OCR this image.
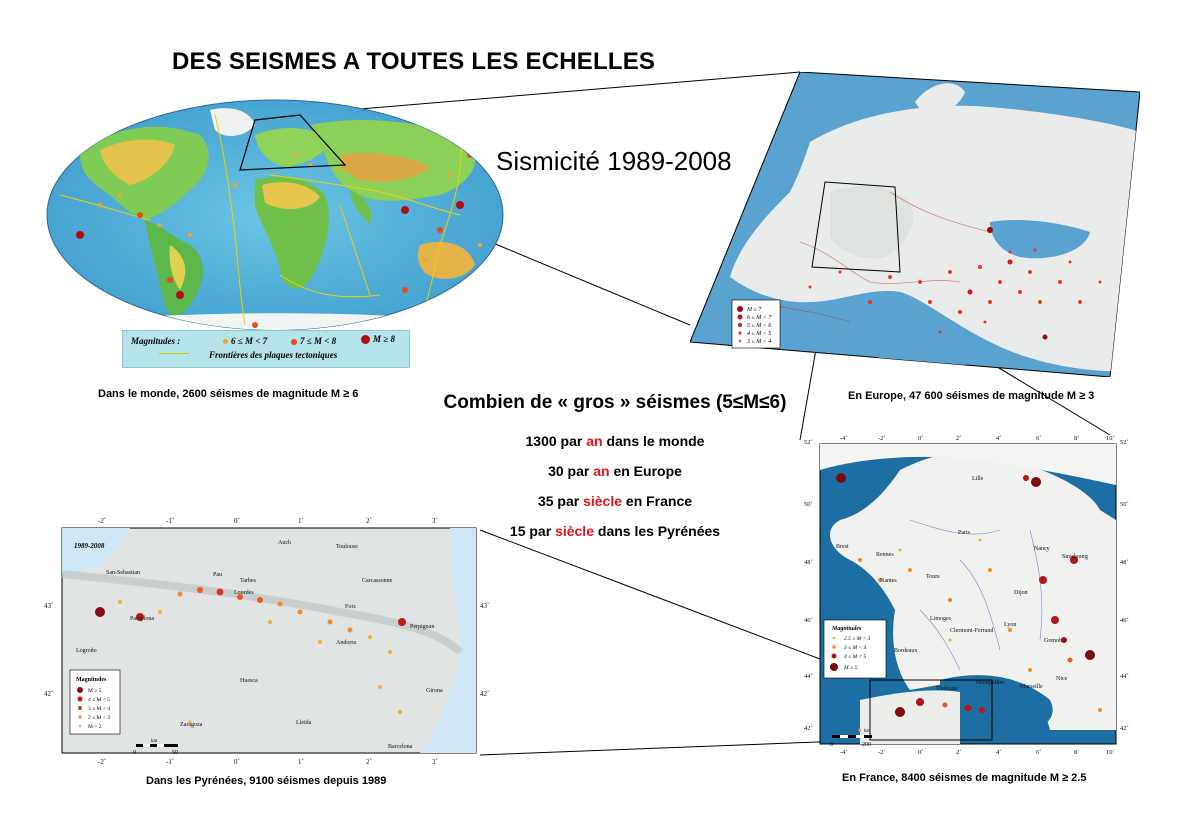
DES SEISMES A TOUTES LES ECHELLES
Sismicité 1989-2008
Magnitudes :	6 ≤ M < 7	7 ≤ M < 8	M ≥ 8
Frontières des plaques tectoniques
Dans le monde, 2600 séismes de magnitude M ≥ 6
M ≥ 7
6 ≤ M < 7
5 ≤ M < 6
4 ≤ M < 5
3 ≤ M < 4
En Europe, 47 600 séismes de magnitude M ≥ 3
Combien de « gros » séismes (5≤M≤6)
1300 par an dans le monde
30 par an en Europe
35 par siècle en France
15 par siècle dans les Pyrénées
Auch
Toulouse
San-Sebastian	Pau
Tarbes
Lourdes
Carcassonne
Foix
Perpignan
Logroño
Pamplona
Huesca
Andorra
Girona
Zaragoza	Lleida
Barcelona
-2˚	-1˚	0˚	1˚	2˚	3˚
-2˚	-1˚	0˚	1˚	2˚	3˚
43˚
42˚
43˚
42˚
1989-2008
Magnitudes
M ≥ 5
4 ≤ M < 5
3 ≤ M < 4
2 ≤ M < 3
M < 2
0	50
km
Dans les Pyrénées, 9100 séismes depuis 1989
Lille
Paris
Brest
Rennes
Nantes
Tours
Nancy
Strasbourg
Dijon
Limoges
Clermont-Ferrand
Lyon
Grenoble
Bordeaux
Toulouse
Montpellier
Marseille
Nice
-4˚	-2˚	0˚	2˚	4˚	6˚	8˚	10˚
-4˚	-2˚	0˚	2˚	4˚	6˚	8˚	10˚
52˚
50˚
48˚
46˚
44˚
42˚
52˚
50˚
48˚
46˚
44˚
42˚
Magnitudes
2.5 ≤ M < 3
3 ≤ M < 4
4 ≤ M < 5
M ≥ 5
0	200
km
En France, 8400 séismes de magnitude M ≥ 2.5
